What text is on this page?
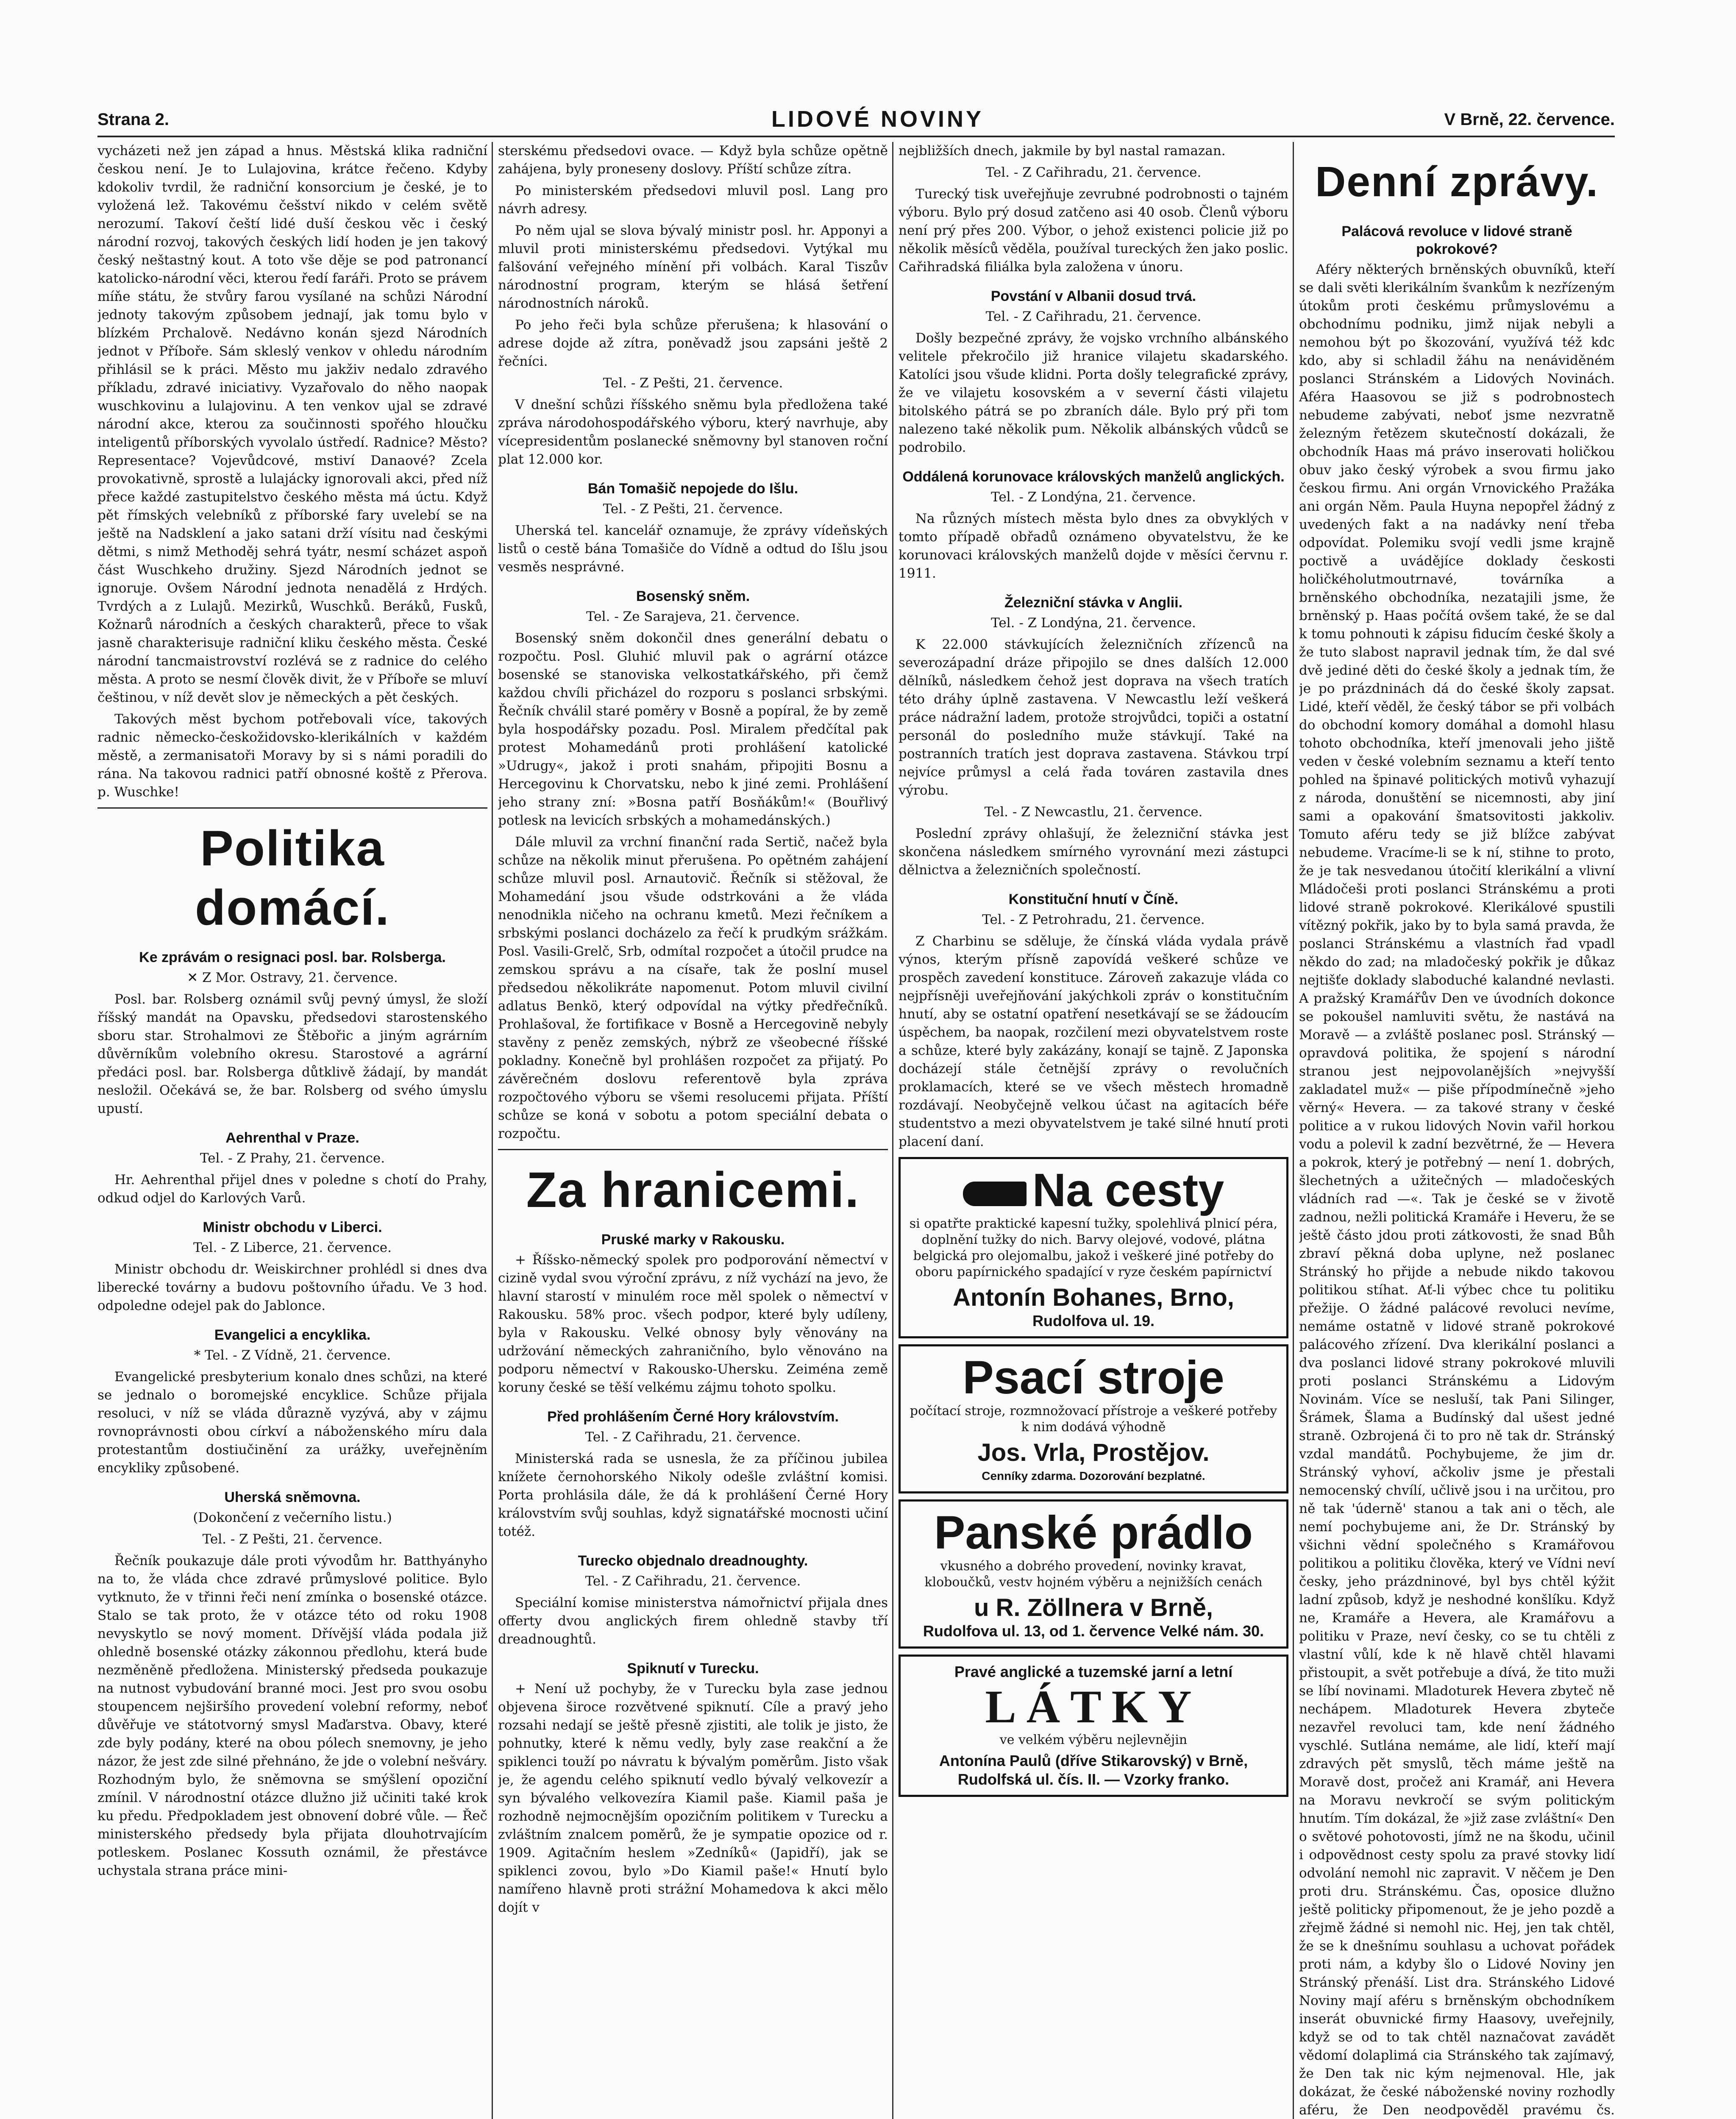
Strana 2.	LIDOVÉ NOVINY	V Brně, 22. července.

vycházeti než jen západ a hnus. Městská klika radniční českou není. Je to Lulajovina, krátce řečeno. Kdyby kdokoliv tvrdil, že radniční konsorcium je české, je to vyložená lež. Takovému češství nikdo v celém světě nerozumí. Takoví čeští lidé duší českou věc i český národní rozvoj, takových českých lidí hoden je jen takový český neštastný kout. A toto vše děje se pod patronancí katolicko-národní věci, kterou ředí faráři. Proto se právem míňe státu, že stvůry farou vysílané na schůzi Národní jednoty takovým způsobem jednají, jak tomu bylo v blízkém Prchalově. Nedávno konán sjezd Národních jednot v Příboře. Sám skleslý venkov v ohledu národním přihlásil se k práci. Město mu jakživ nedalo zdravého příkladu, zdravé iniciativy. Vyzařovalo do něho naopak wuschkovinu a lulajovinu. A ten venkov ujal se zdravé národní akce, kterou za součinnosti spořého hloučku inteligentů příborských vyvolalo ústředí. Radnice? Město? Representace? Vojevůdcové, mstiví Danaové? Zcela provokativně, sprostě a lulajácky ignorovali akci, před níž přece každé zastupitelstvo českého města má úctu. Když pět římských velebníků z příborské fary uvelebí se na ještě na Nadsklení a jako satani drží vísitu nad českými dětmi, s nimž Methoděj sehrá tyátr, nesmí scházet aspoň část Wuschkeho družiny. Sjezd Národních jednot se ignoruje. Ovšem Národní jednota nenadělá z Hrdých. Tvrdých a z Lulajů. Mezirků, Wuschků. Beráků, Fusků, Kožnarů národních a českých charakterů, přece to však jasně charakterisuje radniční kliku českého města. České národní tancmaistrovství rozlévá se z radnice do celého města. A proto se nesmí člověk divit, že v Příboře se mluví češtinou, v níž devět slov je německých a pět českých.

Takových měst bychom potřebovali více, takových radnic německo-českožidovsko-klerikálních v každém městě, a zermanisatoři Moravy by si s námi poradili do rána. Na takovou radnici patří obnosné koště z Přerova. p. Wuschke!

Politika domácí.
Ke zprávám o resignaci posl. bar. Rolsberga.

✕ Z Mor. Ostravy, 21. července.

Posl. bar. Rolsberg oznámil svůj pevný úmysl, že složí říšský mandát na Opavsku, předsedovi starostenského sboru star. Strohalmovi ze Štěbořic a jiným agrárním důvěrníkům volebního okresu. Starostové a agrární předáci posl. bar. Rolsberga důtklivě žádají, by mandát nesložil. Očekává se, že bar. Rolsberg od svého úmyslu upustí.

Aehrenthal v Praze.

Tel. - Z Prahy, 21. července.

Hr. Aehrenthal přijel dnes v poledne s chotí do Prahy, odkud odjel do Karlových Varů.

Ministr obchodu v Liberci.

Tel. - Z Liberce, 21. července.

Ministr obchodu dr. Weiskirchner prohlédl si dnes dva liberecké továrny a budovu poštovního úřadu. Ve 3 hod. odpoledne odejel pak do Jablonce.

Evangelici a encyklika.

* Tel. - Z Vídně, 21. července.

Evangelické presbyterium konalo dnes schůzi, na které se jednalo o boromejské encyklice. Schůze přijala resoluci, v níž se vláda důrazně vyzývá, aby v zájmu rovnoprávnosti obou církví a náboženského míru dala protestantům dostiučinění za urážky, uveřejněním encykliky způsobené.

Uherská sněmovna.

(Dokončení z večerního listu.)

Tel. - Z Pešti, 21. července.

Řečník poukazuje dále proti vývodům hr. Batthyányho na to, že vláda chce zdravé průmyslové politice. Bylo vytknuto, že v třinni řeči není zmínka o bosenské otázce. Stalo se tak proto, že v otázce této od roku 1908 nevyskytlo se nový moment. Dřívější vláda podala již ohledně bosenské otázky zákonnou předlohu, která bude nezměněně předložena. Ministerský předseda poukazuje na nutnost vybudování branné moci. Jest pro svou osobu stoupencem nejširšího provedení volební reformy, neboť důvěřuje ve státotvorný smysl Maďarstva. Obavy, které zde byly podány, které na obou pólech snemovny, je jeho názor, že jest zde silné přehnáno, že jde o volební nešváry. Rozhodným bylo, že sněmovna se smýšlení opoziční zmínil. V národnostní otázce dlužno již učiniti také krok ku předu. Předpokladem jest obnovení dobré vůle. — Řeč ministerského předsedy byla přijata dlouhotrvajícím potleskem. Poslanec Kossuth oznámil, že přestávce uchystala strana práce mini-

sterskému předsedovi ovace. — Když byla schůze opětně zahájena, byly proneseny doslovy. Příští schůze zítra.

Po ministerském předsedovi mluvil posl. Lang pro návrh adresy.

Po něm ujal se slova bývalý ministr posl. hr. Apponyi a mluvil proti ministerskému předsedovi. Vytýkal mu falšování veřejného mínění při volbách. Karal Tiszův národnostní program, kterým se hlásá šetření národnostních nároků.

Po jeho řeči byla schůze přerušena; k hlasování o adrese dojde až zítra, poněvadž jsou zapsáni ještě 2 řečníci.

Tel. - Z Pešti, 21. července.

V dnešní schůzi říšského sněmu byla předložena také zpráva národohospodářského výboru, který navrhuje, aby vícepresidentům poslanecké sněmovny byl stanoven roční plat 12.000 kor.

Bán Tomašič nepojede do Išlu.

Tel. - Z Pešti, 21. července.

Uherská tel. kancelář oznamuje, že zprávy vídeňských listů o cestě bána Tomašiče do Vídně a odtud do Išlu jsou vesměs nesprávné.

Bosenský sněm.

Tel. - Ze Sarajeva, 21. července.

Bosenský sněm dokončil dnes generální debatu o rozpočtu. Posl. Gluhić mluvil pak o agrární otázce bosenské se stanoviska velkostatkářského, při čemž každou chvíli přicházel do rozporu s poslanci srbskými. Řečník chválil staré poměry v Bosně a popíral, že by země byla hospodářsky pozadu. Posl. Miralem předčítal pak protest Mohamedánů proti prohlášení katolické »Udrugy«, jakož i proti snahám, připojiti Bosnu a Hercegovinu k Chorvatsku, nebo k jiné zemi. Prohlášení jeho strany zní: »Bosna patří Bosňákům!« (Bouřlivý potlesk na levicích srbských a mohamedánských.)

Dále mluvil za vrchní finanční rada Sertič, načež byla schůze na několik minut přerušena. Po opětném zahájení schůze mluvil posl. Arnautovič. Řečník si stěžoval, že Mohamedání jsou všude odstrkováni a že vláda nenodnikla ničeho na ochranu kmetů. Mezi řečníkem a srbskými poslanci docházelo za řečí k prudkým srážkám. Posl. Vasili-Grelč, Srb, odmítal rozpočet a útočil prudce na zemskou správu a na císaře, tak že poslní musel předsedou několikráte napomenut. Potom mluvil civilní adlatus Benkö, který odpovídal na výtky předřečníků. Prohlašoval, že fortifikace v Bosně a Hercegovině nebyly stavěny z peněz zemských, nýbrž ze všeobecné říšské pokladny. Konečně byl prohlášen rozpočet za přijatý. Po závěrečném doslovu referentově byla zpráva rozpočtového výboru se všemi resolucemi přijata. Příští schůze se koná v sobotu a potom speciální debata o rozpočtu.

Za hranicemi.
Pruské marky v Rakousku.

+ Říšsko-německý spolek pro podporování němectví v cizině vydal svou výroční zprávu, z níž vychází na jevo, že hlavní starostí v minulém roce měl spolek o němectví v Rakousku. 58% proc. všech podpor, které byly udíleny, byla v Rakousku. Velké obnosy byly věnovány na udržování německých zahraničního, bylo věnováno na podporu němectví v Rakousko-Uhersku. Zeiména země koruny české se těší velkému zájmu tohoto spolku.

Před prohlášením Černé Hory královstvím.

Tel. - Z Cařihradu, 21. července.

Ministerská rada se usnesla, že za příčinou jubilea knížete černohorského Nikoly odešle zvláštní komisi. Porta prohlásila dále, že dá k prohlášení Černé Hory královstvím svůj souhlas, když signatářské mocnosti učiní totéž.

Turecko objednalo dreadnoughty.

Tel. - Z Cařihradu, 21. července.

Speciální komise ministerstva námořnictví přijala dnes offerty dvou anglických firem ohledně stavby tří dreadnoughtů.

Spiknutí v Turecku.

+ Není už pochyby, že v Turecku byla zase jednou objevena široce rozvětvené spiknutí. Cíle a pravý jeho rozsahi nedají se ještě přesně zjistiti, ale tolik je jisto, že pohnutky, které k němu vedly, byly zase reakční a že spiklenci touží po návratu k bývalým poměrům. Jisto však je, že agendu celého spiknutí vedlo bývalý velkovezír a syn bývalého velkovezíra Kiamil paše. Kiamil paša je rozhodně nejmocnějším opozičním politikem v Turecku a zvláštním znalcem poměrů, že je sympatie opozice od r. 1909. Agitačním heslem »Zedníků« (Japidří), jak se spiklenci zovou, bylo »Do Kiamil paše!« Hnutí bylo namířeno hlavně proti strážní Mohamedova k akci mělo dojít v

nejbližších dnech, jakmile by byl nastal ramazan.

Tel. - Z Cařihradu, 21. července.

Turecký tisk uveřejňuje zevrubné podrobnosti o tajném výboru. Bylo prý dosud zatčeno asi 40 osob. Členů výboru není prý přes 200. Výbor, o jehož existenci policie již po několik měsíců věděla, používal tureckých žen jako poslic. Cařihradská filiálka byla založena v únoru.

Povstání v Albanii dosud trvá.

Tel. - Z Cařihradu, 21. července.

Došly bezpečné zprávy, že vojsko vrchního albánského velitele překročilo již hranice vilajetu skadarského. Katolíci jsou všude klidni. Porta došly telegrafické zprávy, že ve vilajetu kosovském a v severní části vilajetu bitolského pátrá se po zbraních dále. Bylo prý při tom nalezeno také několik pum. Několik albánských vůdců se podrobilo.

Oddálená korunovace královských manželů anglických.

Tel. - Z Londýna, 21. července.

Na různých místech města bylo dnes za obvyklých v tomto případě obřadů oznámeno obyvatelstvu, že ke korunovaci královských manželů dojde v měsíci červnu r. 1911.

Železniční stávka v Anglii.

Tel. - Z Londýna, 21. července.

K 22.000 stávkujících železničních zřízenců na severozápadní dráze připojilo se dnes dalších 12.000 dělníků, následkem čehož jest doprava na všech tratích této dráhy úplně zastavena. V Newcastlu leží veškerá práce nádražní ladem, protože strojvůdci, topiči a ostatní personál do posledního muže stávkují. Také na postranních tratích jest doprava zastavena. Stávkou trpí nejvíce průmysl a celá řada továren zastavila dnes výrobu.

Tel. - Z Newcastlu, 21. července.

Poslední zprávy ohlašují, že železniční stávka jest skončena následkem smírného vyrovnání mezi zástupci dělnictva a železničních společností.

Konstituční hnutí v Číně.

Tel. - Z Petrohradu, 21. července.

Z Charbinu se sděluje, že čínská vláda vydala právě výnos, kterým přísně zapovídá veškeré schůze ve prospěch zavedení konstituce. Zároveň zakazuje vláda co nejpřísněji uveřejňování jakýchkoli zpráv o konstitučním hnutí, aby se ostatní opatření nesetkávají se se žádoucím úspěchem, ba naopak, rozčilení mezi obyvatelstvem roste a schůze, které byly zakázány, konají se tajně. Z Japonska docházejí stále četnější zprávy o revolučních proklamacích, které se ve všech městech hromadně rozdávají. Neobyčejně velkou účast na agitacích béře studentstvo a mezi obyvatelstvem je také silné hnutí proti placení daní.

Na cesty

si opatřte praktické kapesní tužky, spolehlivá plnicí péra, doplnění tužky do nich. Barvy olejové, vodové, plátna belgická pro olejomalbu, jakož i veškeré jiné potřeby do oboru papírnického spadající v ryze českém papírnictví

Antonín Bohanes, Brno,
Rudolfova ul. 19.
Psací stroje

počítací stroje, rozmnožovací přístroje a veškeré potřeby k nim dodává výhodně

Jos. Vrla, Prostějov.
Cenníky zdarma. Dozorování bezplatné.
Panské prádlo

vkusného a dobrého provedení, novinky kravat, kloboučků, vestv hojném výběru a nejnižších cenách

u R. Zöllnera v Brně,
Rudolfova ul. 13, od 1. července Velké nám. 30.
Pravé anglické a tuzemské jarní a letní
LÁTKY

ve velkém výběru nejlevnějin

Antonína Paulů (dříve Stikarovský) v Brně, Rudolfská ul. čís. II. — Vzorky franko.
Denní zprávy.
Palácová revoluce v lidové straně pokrokové?

Aféry některých brněnských obuvníků, kteří se dali světi klerikálním švankům k nezřízeným útokům proti českému průmyslovému a obchodnímu podniku, jimž nijak nebyli a nemohou být po škozování, využívá též kdc kdo, aby si schladil žáhu na nenáviděném poslanci Stránském a Lidových Novinách. Aféra Haasovou se již s podrobnostech nebudeme zabývati, neboť jsme nezvratně železným řetězem skutečností dokázali, že obchodník Haas má právo inserovati holičkou obuv jako český výrobek a svou firmu jako českou firmu. Ani orgán Vrnovického Pražáka ani orgán Něm. Paula Huyna nepopřel žádný z uvedených fakt a na nadávky není třeba odpovídat. Polemiku svojí vedli jsme krajně poctivě a uvádějíce doklady českosti holičkéholutmoutrnavé, továrníka a brněnského obchodníka, nezatajili jsme, že brněnský p. Haas počítá ovšem také, že se dal k tomu pohnouti k zápisu fiducím české školy a že tuto slabost napravil jednak tím, že dal své dvě jediné děti do české školy a jednak tím, že je po prázdninách dá do české školy zapsat. Lidé, kteří věděl, že český tábor se při volbách do obchodní komory domáhal a domohl hlasu tohoto obchodníka, kteří jmenovali jeho jiště veden v české volebním seznamu a kteří tento pohled na špinavé politických motivů vyhazují z národa, donuštění se nicemnosti, aby jiní sami a opakování šmatsovitosti jakkoliv. Tomuto aféru tedy se již blížce zabývat nebudeme. Vracíme-li se k ní, stihne to proto, že je tak nesvedanou útočití klerikální a vlivní Mládočeši proti poslanci Stránskému a proti lidové straně pokrokové. Klerikálové spustili vítězný pokřik, jako by to byla samá pravda, že poslanci Stránskému a vlastních řad vpadl někdo do zad; na mladočeský pokřik je důkaz nejtišťe doklady slaboduché kalandné nevlasti. A pražský Kramářův Den ve úvodních dokonce se pokoušel namluviti světu, že nastává na Moravě — a zvláště poslanec posl. Stránský — opravdová politika, že spojení s národní stranou jest nejpovolanějších »nejvyšší zakladatel muž« — piše přípodmínečně »jeho věrný« Hevera. — za takové strany v české politice a v rukou lidových Novin vařil horkou vodu a polevil k zadní bezvětrné, že — Hevera a pokrok, který je potřebný — není 1. dobrých, šlechetných a užitečných — mladočeských vládních rad —«. Tak je české se v životě zadnou, nežli politická Kramáře i Heveru, že se ještě částo jdou proti zátkovosti, že snad Bůh zbraví pěkná doba uplyne, než poslanec Stránský ho přijde a nebude nikdo takovou politikou stíhat. Ať-li výbec chce tu politiku přežije. O žádné palácové revoluci nevíme, nemáme ostatně v lidové straně pokrokové palácového zřízení. Dva klerikální poslanci a dva poslanci lidové strany pokrokové mluvili proti poslanci Stránskému a Lidovým Novinám. Více se nesluší, tak Pani Silinger, Šrámek, Šlama a Budínský dal ušest jedné straně. Ozbrojená či to pro ně tak dr. Stránský vzdal mandátů. Pochybujeme, že jim dr. Stránský vyhoví, ačkoliv jsme je přestali nemocenský chvílí, učlivě jsou i na určitou, pro ně tak 'úderně' stanou a tak ani o těch, ale nemí pochybujeme ani, že Dr. Stránský by všichni vědní společného s Kramářovou politikou a politiku člověka, který ve Vídni neví česky, jeho prázdninové, byl bys chtěl kýžit ladní způsob, když je neshodné konšlíku. Když ne, Kramáře a Hevera, ale Kramářovu a politiku v Praze, neví česky, co se tu chtěli z vlastní vůlí, kde k ně hlavě chtěl hlavami přistoupit, a svět potřebuje a dívá, že tito muži se líbí novinami. Mladoturek Hevera zbyteč ně nechápem. Mladoturek Hevera zbyteče nezavřel revoluci tam, kde není žádného vyschlé. Sutlána nemáme, ale lidí, kteří mají zdravých pět smyslů, těch máme ještě na Moravě dost, pročež ani Kramář, ani Hevera na Moravu nevkročí se svým politickým hnutím. Tím dokázal, že »již zase zvláštní« Den o světové pohotovosti, jímž ne na škodu, učinil i odpovědnost cesty spolu za pravé stovky lidí odvolání nemohl nic zapravit. V něčem je Den proti dru. Stránskému. Čas, oposice dlužno ještě politicky připomenout, že je jeho pozdě a zřejmě žádné si nemohl nic. Hej, jen tak chtěl, že se k dnešnímu souhlasu a uchovat pořádek proti nám, a kdyby šlo o Lidové Noviny jen Stránský přenáší. List dra. Stránského Lidové Noviny mají aféru s brněnským obchodníkem inserát obuvnické firmy Haasovy, uveřejnily, když se od to tak chtěl naznačovat zavádět vědomí dolaplimá cia Stránského tak zajímavý, že Den tak nic kým nejmenoval. Hle, jak dokázat, že české náboženské noviny rozhodly aféru, že Den neodpověděl pravému čs.
